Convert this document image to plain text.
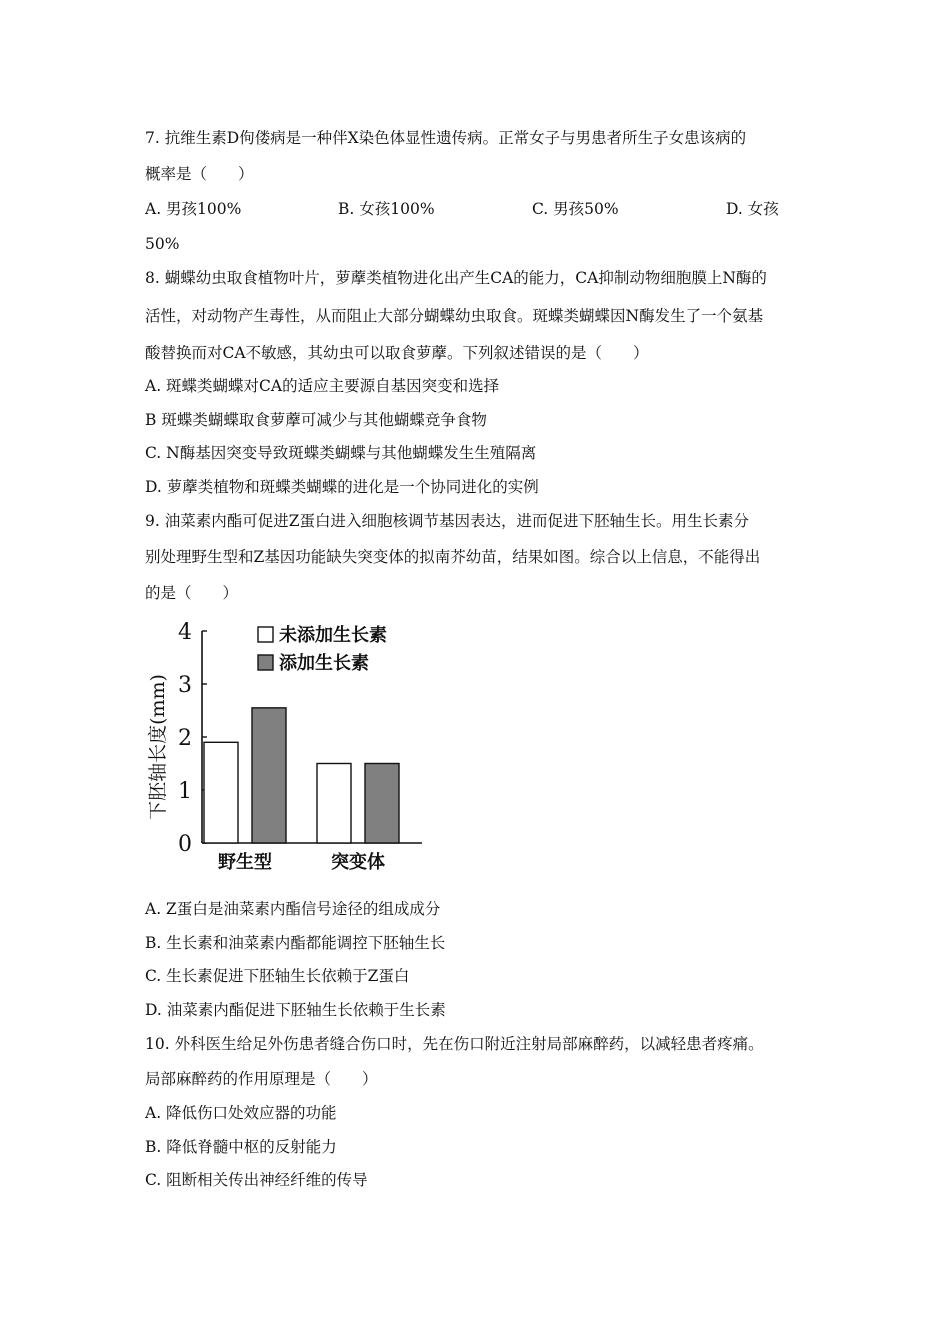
7. 抗维生素D佝偻病是一种伴X染色体显性遗传病。正常女子与男患者所生子女患该病的
概率是（　　）
A. 男孩100%	B. 女孩100%	C. 男孩50%	D. 女孩
50%
8. 蝴蝶幼虫取食植物叶片，萝藦类植物进化出产生CA的能力，CA抑制动物细胞膜上N酶的
活性，对动物产生毒性，从而阻止大部分蝴蝶幼虫取食。斑蝶类蝴蝶因N酶发生了一个氨基
酸替换而对CA不敏感，其幼虫可以取食萝藦。下列叙述错误的是（　　）
A. 斑蝶类蝴蝶对CA的适应主要源自基因突变和选择
B 斑蝶类蝴蝶取食萝藦可减少与其他蝴蝶竞争食物
C. N酶基因突变导致斑蝶类蝴蝶与其他蝴蝶发生生殖隔离
D. 萝藦类植物和斑蝶类蝴蝶的进化是一个协同进化的实例
9. 油菜素内酯可促进Z蛋白进入细胞核调节基因表达，进而促进下胚轴生长。用生长素分
别处理野生型和Z基因功能缺失突变体的拟南芥幼苗，结果如图。综合以上信息，不能得出
的是（　　）
0
1
2
3
4
野生型	突变体
未添加生长素
添加生长素
下胚轴长度(mm)
A. Z蛋白是油菜素内酯信号途径的组成成分
B. 生长素和油菜素内酯都能调控下胚轴生长
C. 生长素促进下胚轴生长依赖于Z蛋白
D. 油菜素内酯促进下胚轴生长依赖于生长素
10. 外科医生给足外伤患者缝合伤口时，先在伤口附近注射局部麻醉药，以减轻患者疼痛。
局部麻醉药的作用原理是（　　）
A. 降低伤口处效应器的功能
B. 降低脊髓中枢的反射能力
C. 阻断相关传出神经纤维的传导
